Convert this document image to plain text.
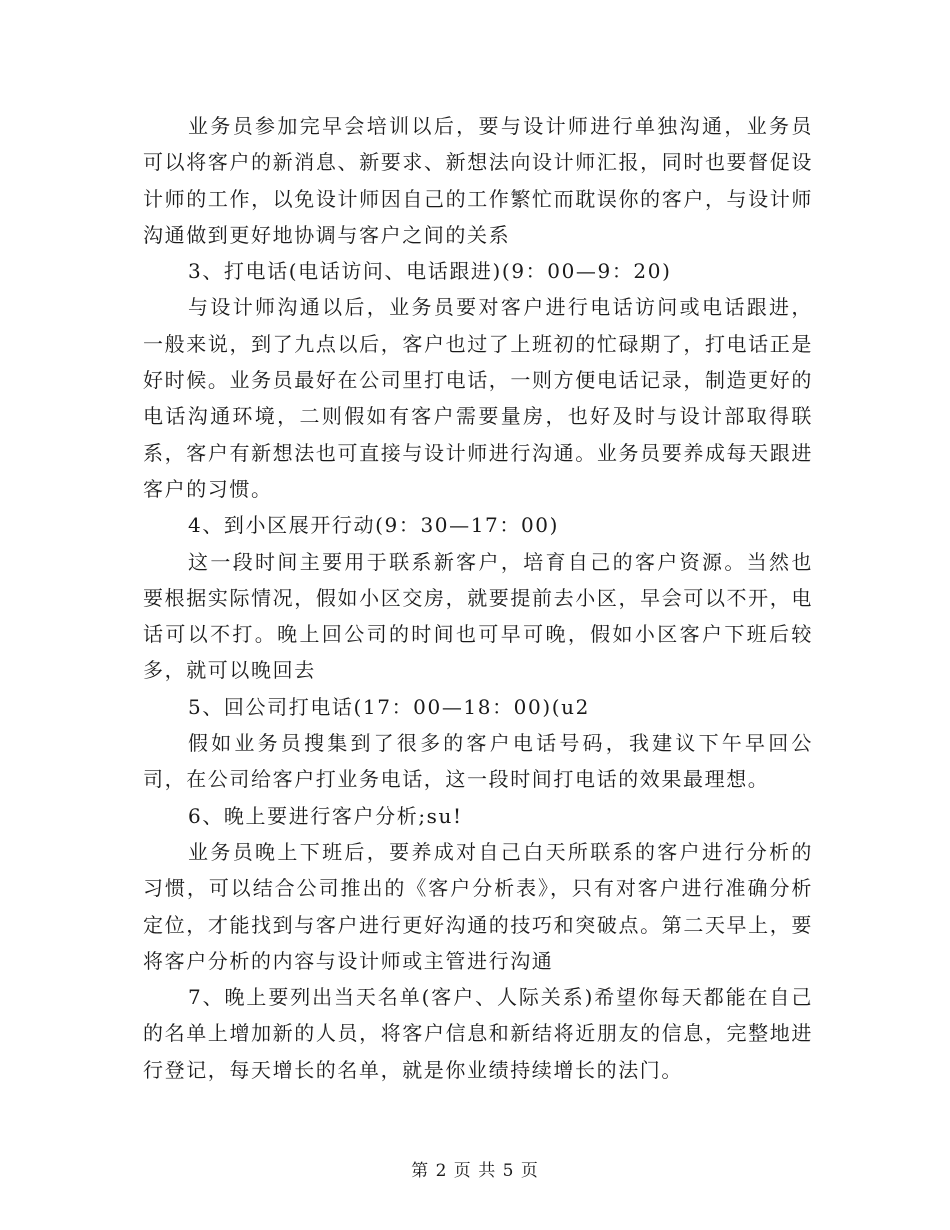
业务员参加完早会培训以后，要与设计师进行单独沟通，业务员可以将客户的新消息、新要求、新想法向设计师汇报，同时也要督促设计师的工作，以免设计师因自己的工作繁忙而耽误你的客户，与设计师沟通做到更好地协调与客户之间的关系

3、打电话(电话访问、电话跟进)(9：00—9：20)

与设计师沟通以后，业务员要对客户进行电话访问或电话跟进，一般来说，到了九点以后，客户也过了上班初的忙碌期了，打电话正是好时候。业务员最好在公司里打电话，一则方便电话记录，制造更好的电话沟通环境，二则假如有客户需要量房，也好及时与设计部取得联系，客户有新想法也可直接与设计师进行沟通。业务员要养成每天跟进客户的习惯。

4、到小区展开行动(9：30—17：00)

这一段时间主要用于联系新客户，培育自己的客户资源。当然也要根据实际情况，假如小区交房，就要提前去小区，早会可以不开，电话可以不打。晚上回公司的时间也可早可晚，假如小区客户下班后较多，就可以晚回去

5、回公司打电话(17：00—18：00)(u2

假如业务员搜集到了很多的客户电话号码，我建议下午早回公司，在公司给客户打业务电话，这一段时间打电话的效果最理想。

6、晚上要进行客户分析;su!

业务员晚上下班后，要养成对自己白天所联系的客户进行分析的习惯，可以结合公司推出的《客户分析表》，只有对客户进行准确分析定位，才能找到与客户进行更好沟通的技巧和突破点。第二天早上，要将客户分析的内容与设计师或主管进行沟通

7、晚上要列出当天名单(客户、人际关系)希望你每天都能在自己的名单上增加新的人员，将客户信息和新结将近朋友的信息，完整地进行登记，每天增长的名单，就是你业绩持续增长的法门。

第 2 页 共 5 页
